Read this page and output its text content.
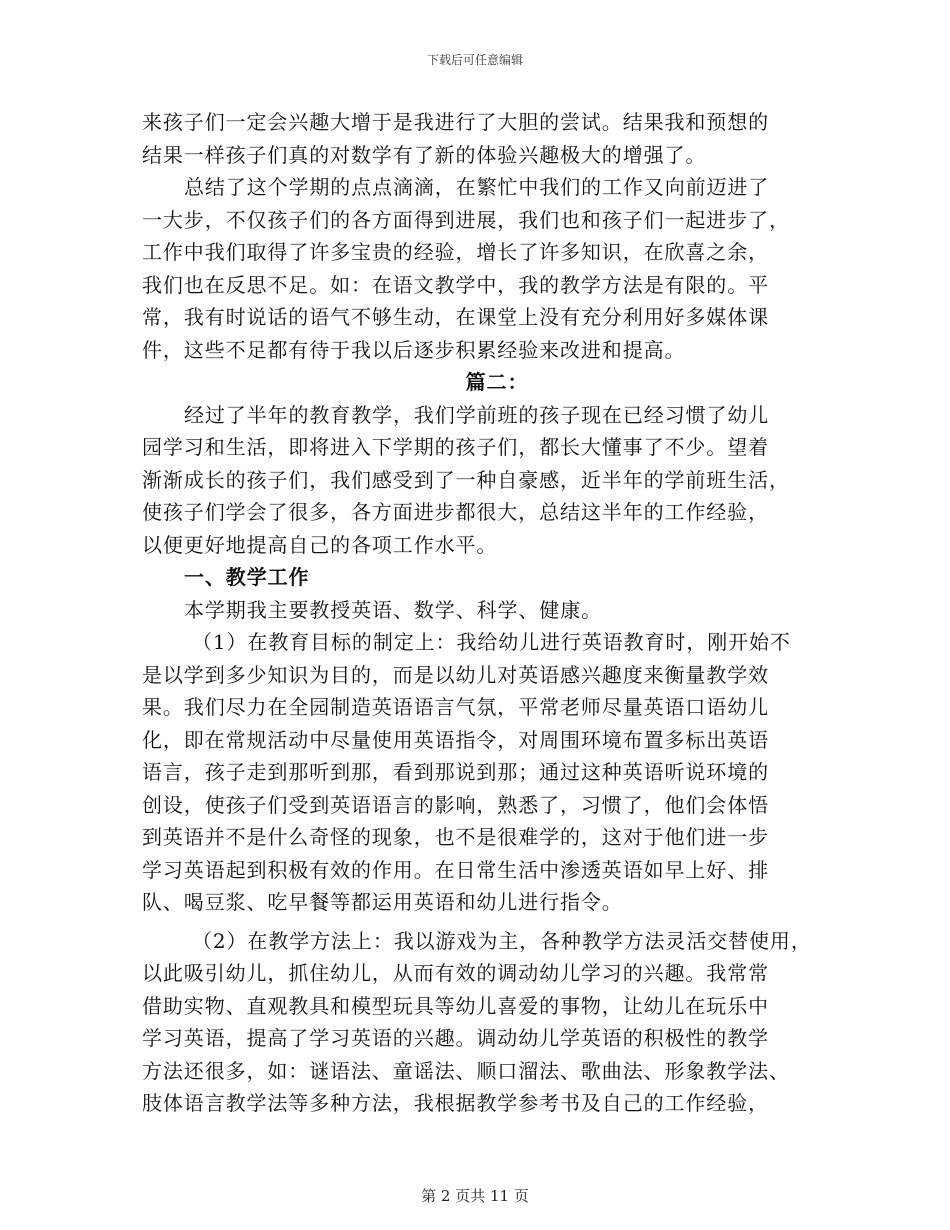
下载后可任意编辑
来孩子们一定会兴趣大增于是我进行了大胆的尝试。结果我和预想的
结果一样孩子们真的对数学有了新的体验兴趣极大的增强了。
总结了这个学期的点点滴滴，在繁忙中我们的工作又向前迈进了
一大步，不仅孩子们的各方面得到进展，我们也和孩子们一起进步了，
工作中我们取得了许多宝贵的经验，增长了许多知识，在欣喜之余，
我们也在反思不足。如：在语文教学中，我的教学方法是有限的。平
常，我有时说话的语气不够生动，在课堂上没有充分利用好多媒体课
件，这些不足都有待于我以后逐步积累经验来改进和提高。
篇二：
经过了半年的教育教学，我们学前班的孩子现在已经习惯了幼儿
园学习和生活，即将进入下学期的孩子们，都长大懂事了不少。望着
渐渐成长的孩子们，我们感受到了一种自豪感，近半年的学前班生活，
使孩子们学会了很多，各方面进步都很大，总结这半年的工作经验，
以便更好地提高自己的各项工作水平。
一、教学工作
本学期我主要教授英语、数学、科学、健康。
（1）在教育目标的制定上：我给幼儿进行英语教育时，刚开始不
是以学到多少知识为目的，而是以幼儿对英语感兴趣度来衡量教学效
果。我们尽力在全园制造英语语言气氛，平常老师尽量英语口语幼儿
化，即在常规活动中尽量使用英语指令，对周围环境布置多标出英语
语言，孩子走到那听到那，看到那说到那；通过这种英语听说环境的
创设，使孩子们受到英语语言的影响，熟悉了，习惯了，他们会体悟
到英语并不是什么奇怪的现象，也不是很难学的，这对于他们进一步
学习英语起到积极有效的作用。在日常生活中渗透英语如早上好、排
队、喝豆浆、吃早餐等都运用英语和幼儿进行指令。
（2）在教学方法上：我以游戏为主，各种教学方法灵活交替使用，
以此吸引幼儿，抓住幼儿，从而有效的调动幼儿学习的兴趣。我常常
借助实物、直观教具和模型玩具等幼儿喜爱的事物，让幼儿在玩乐中
学习英语，提高了学习英语的兴趣。调动幼儿学英语的积极性的教学
方法还很多，如：谜语法、童谣法、顺口溜法、歌曲法、形象教学法、
肢体语言教学法等多种方法，我根据教学参考书及自己的工作经验，
第 2 页共 11 页
